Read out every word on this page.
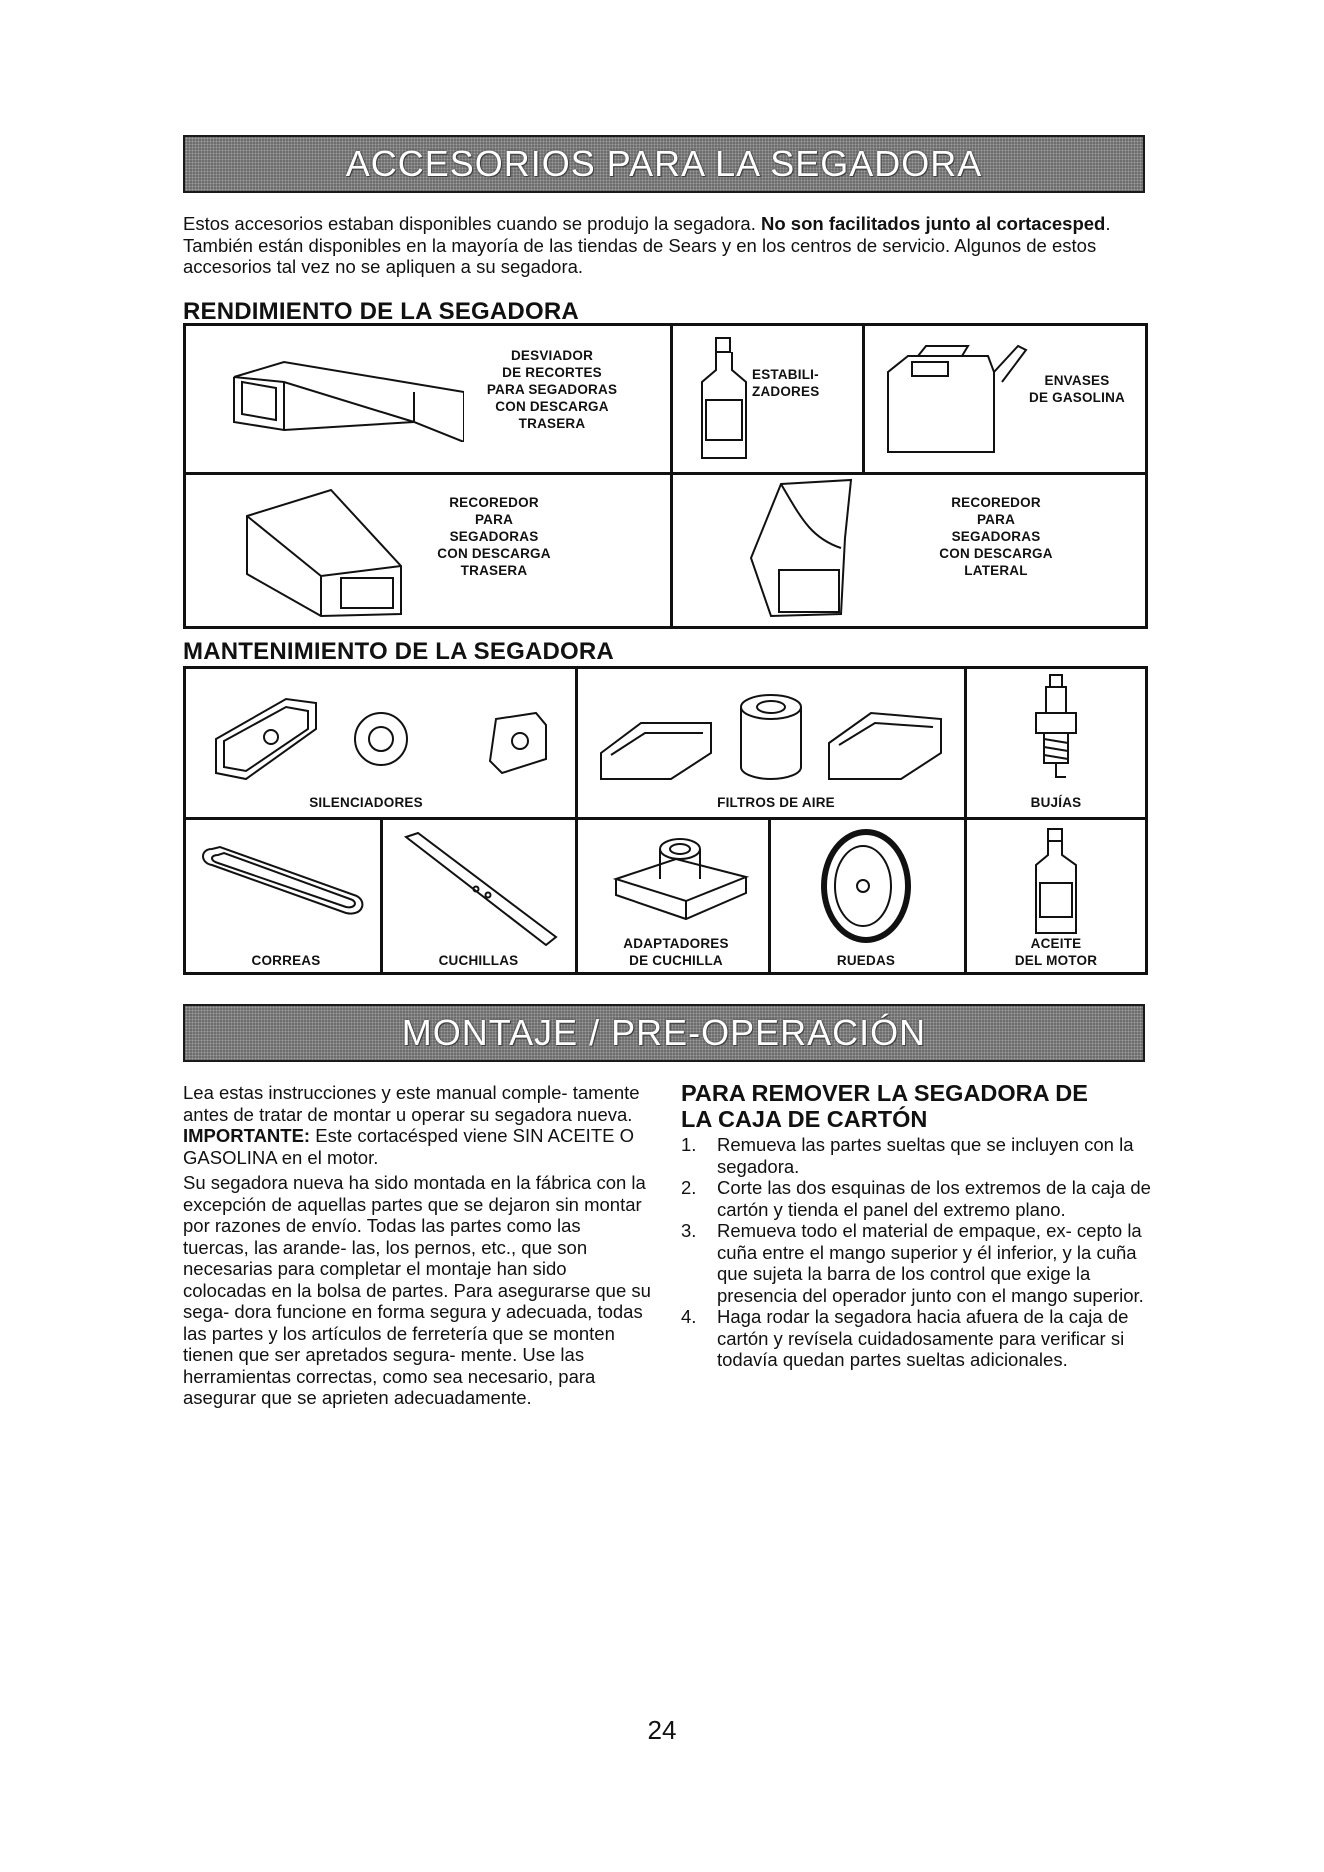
ACCESORIOS PARA LA SEGADORA

Estos accesorios estaban disponibles cuando se produjo la segadora. No son facilitados junto al cortacesped. También están disponibles en la mayoría de las tiendas de Sears y en los centros de servicio. Algunos de estos accesorios tal vez no se apliquen a su segadora.

RENDIMIENTO DE LA SEGADORA
DESVIADOR
DE RECORTES
PARA SEGADORAS
CON DESCARGA
TRASERA
ESTABILI-
ZADORES
ENVASES
DE GASOLINA
RECOREDOR
PARA
SEGADORAS
CON DESCARGA
TRASERA
RECOREDOR
PARA
SEGADORAS
CON DESCARGA
LATERAL
MANTENIMIENTO DE LA SEGADORA
SILENCIADORES	FILTROS DE AIRE	BUJÍAS
CORREAS	CUCHILLAS
ADAPTADORES
DE CUCHILLA	RUEDAS
ACEITE
DEL MOTOR
MONTAJE / PRE-OPERACIÓN

Lea estas instrucciones y este manual comple- tamente antes de tratar de montar u operar su segadora nueva.

IMPORTANTE: Este cortacésped viene SIN ACEITE O GASOLINA en el motor.

Su segadora nueva ha sido montada en la fábrica con la excepción de aquellas partes que se dejaron sin montar por razones de envío. Todas las partes como las tuercas, las arande- las, los pernos, etc., que son necesarias para completar el montaje han sido colocadas en la bolsa de partes. Para asegurarse que su sega- dora funcione en forma segura y adecuada, todas las partes y los artículos de ferretería que se monten tienen que ser apretados segura- mente. Use las herramientas correctas, como sea necesario, para asegurar que se aprieten adecuadamente.

PARA REMOVER LA SEGADORA DE
LA CAJA DE CARTÓN
1. Remueva las partes sueltas que se incluyen con la segadora.
2. Corte las dos esquinas de los extremos de la caja de cartón y tienda el panel del extremo plano.
3. Remueva todo el material de empaque, ex- cepto la cuña entre el mango superior y él inferior, y la cuña que sujeta la barra de los control que exige la presencia del operador junto con el mango superior.
4. Haga rodar la segadora hacia afuera de la caja de cartón y revísela cuidadosamente para verificar si todavía quedan partes sueltas adicionales.
24
